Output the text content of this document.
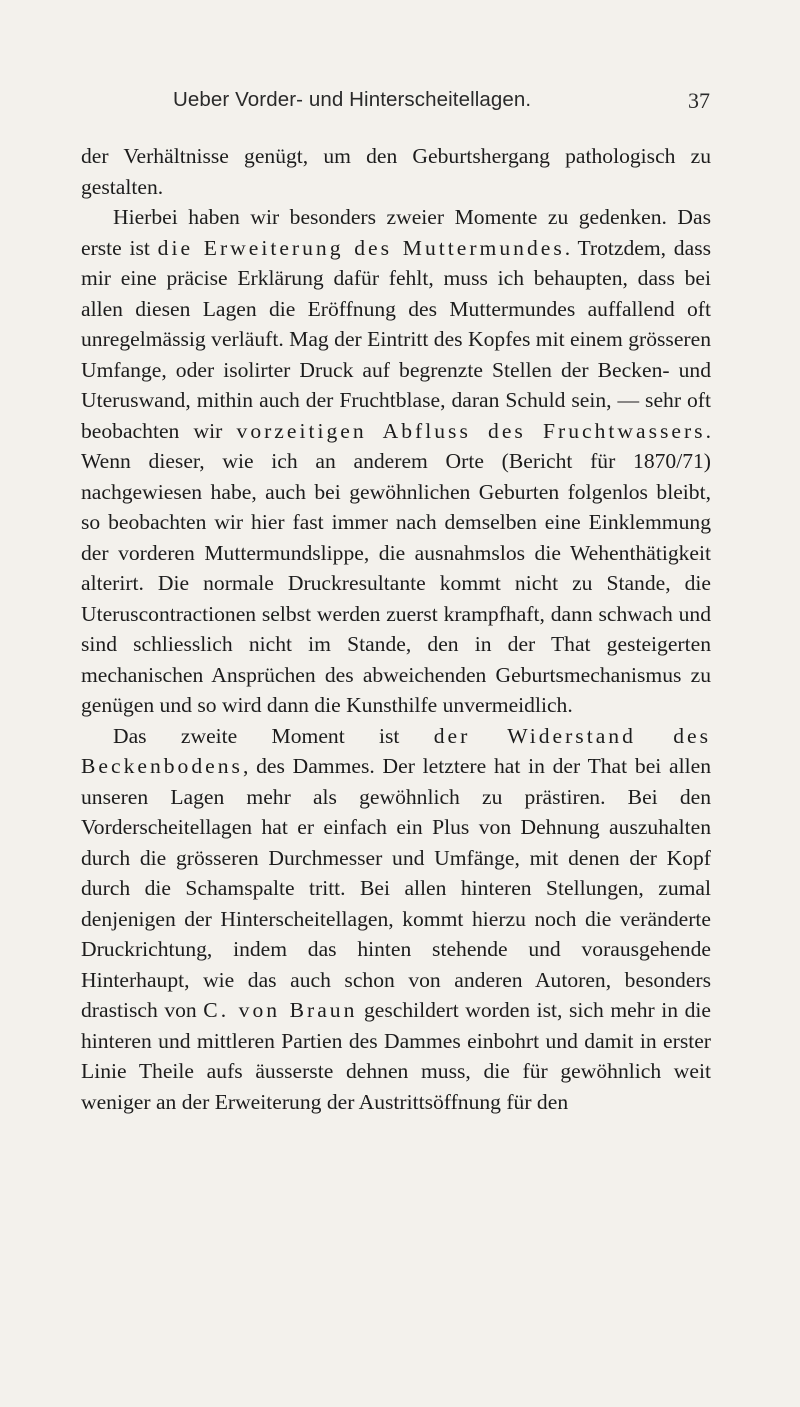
Ueber Vorder- und Hinterscheitellagen.	37

der Verhältnisse genügt, um den Geburtshergang pathologisch zu gestalten.

Hierbei haben wir besonders zweier Momente zu gedenken. Das erste ist die Erweiterung des Muttermundes. Trotzdem, dass mir eine präcise Erklärung dafür fehlt, muss ich behaupten, dass bei allen diesen Lagen die Eröffnung des Muttermundes auffallend oft unregelmässig verläuft. Mag der Eintritt des Kopfes mit einem grösseren Umfange, oder isolirter Druck auf begrenzte Stellen der Becken- und Uteruswand, mithin auch der Fruchtblase, daran Schuld sein, — sehr oft beobachten wir vorzeitigen Abfluss des Fruchtwassers. Wenn dieser, wie ich an anderem Orte (Bericht für 1870/71) nachgewiesen habe, auch bei gewöhnlichen Geburten folgenlos bleibt, so beobachten wir hier fast immer nach demselben eine Einklemmung der vorderen Muttermundslippe, die ausnahmslos die Wehenthätigkeit alterirt. Die normale Druckresultante kommt nicht zu Stande, die Uteruscontractionen selbst werden zuerst krampfhaft, dann schwach und sind schliesslich nicht im Stande, den in der That gesteigerten mechanischen Ansprüchen des abweichenden Geburtsmechanismus zu genügen und so wird dann die Kunsthilfe unvermeidlich.

Das zweite Moment ist der Widerstand des Beckenbodens, des Dammes. Der letztere hat in der That bei allen unseren Lagen mehr als gewöhnlich zu prästiren. Bei den Vorderscheitellagen hat er einfach ein Plus von Dehnung auszuhalten durch die grösseren Durchmesser und Umfänge, mit denen der Kopf durch die Schamspalte tritt. Bei allen hinteren Stellungen, zumal denjenigen der Hinterscheitellagen, kommt hierzu noch die veränderte Druckrichtung, indem das hinten stehende und vorausgehende Hinterhaupt, wie das auch schon von anderen Autoren, besonders drastisch von C. von Braun geschildert worden ist, sich mehr in die hinteren und mittleren Partien des Dammes einbohrt und damit in erster Linie Theile aufs äusserste dehnen muss, die für gewöhnlich weit weniger an der Erweiterung der Austrittsöffnung für den
